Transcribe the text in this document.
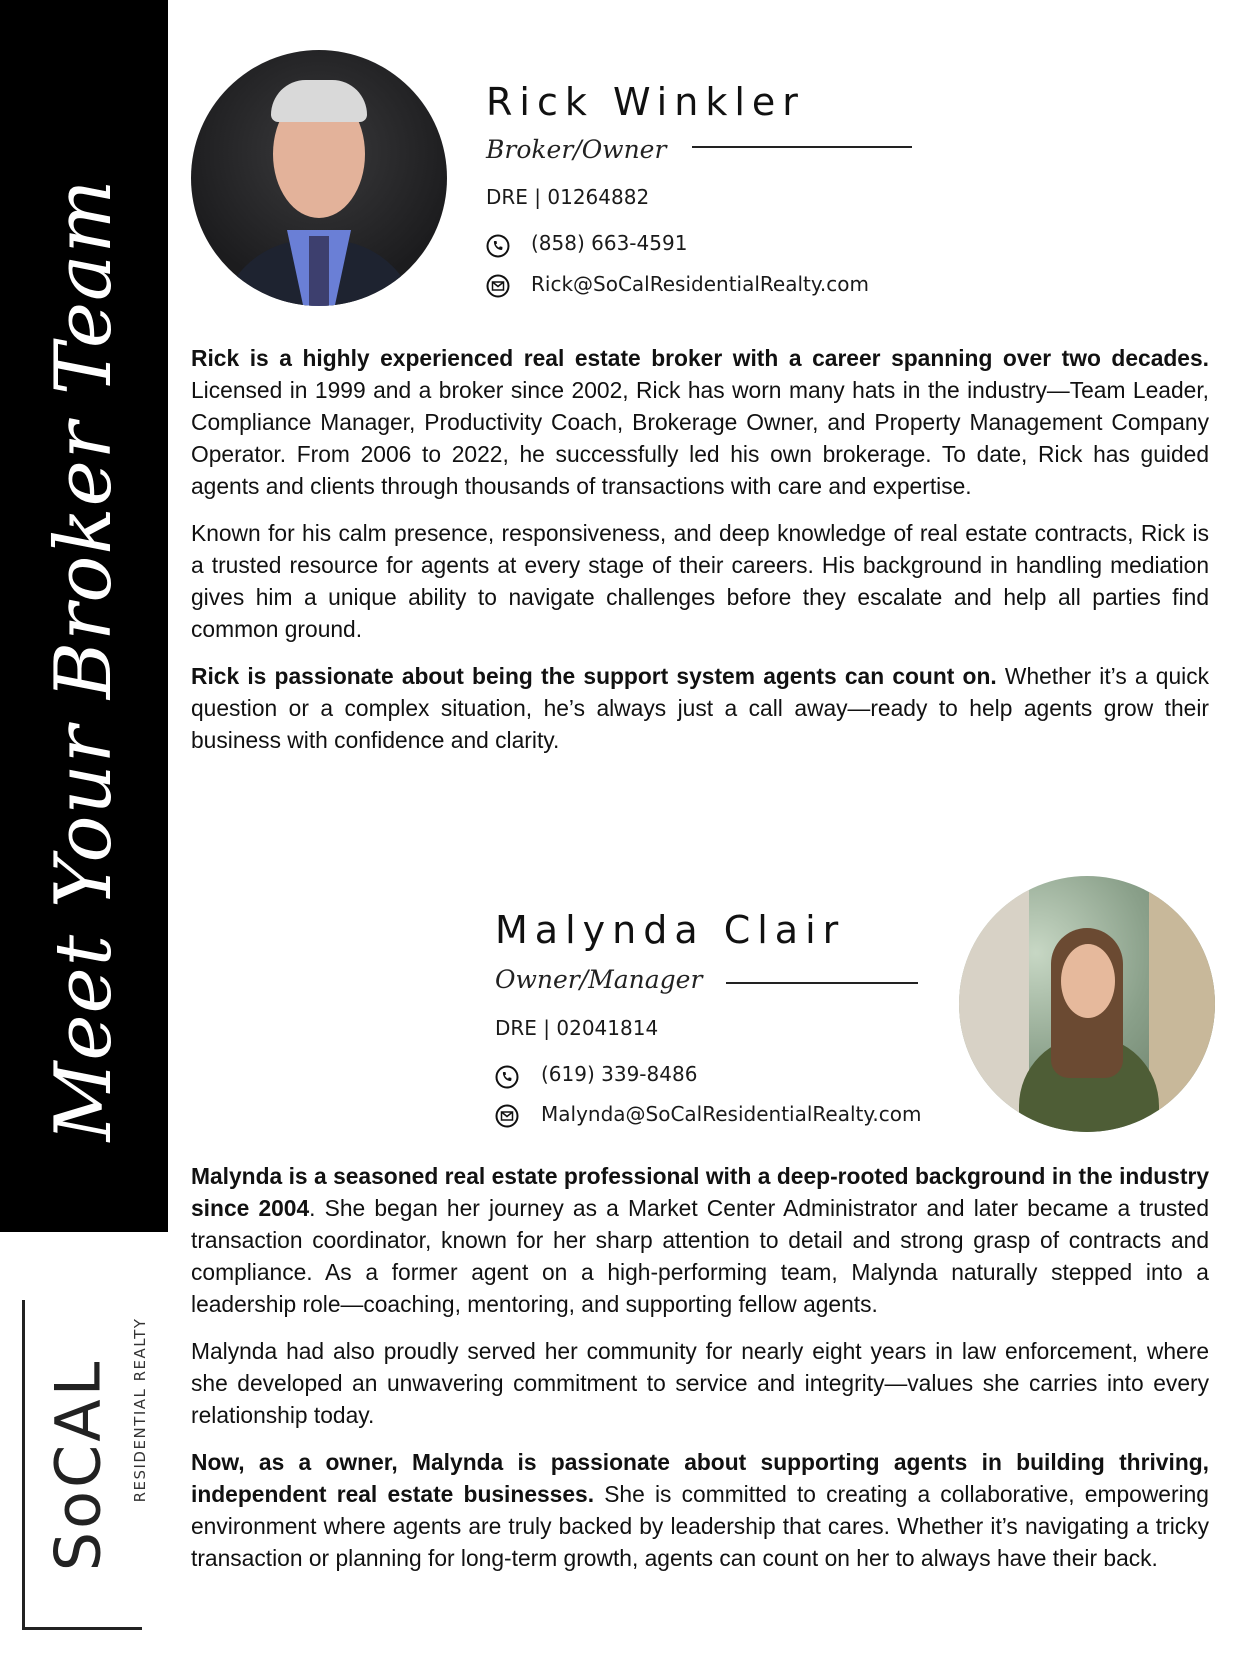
Meet Your Broker Team
SoCAL RESIDENTIAL REALTY
Rick Winkler
Broker/Owner
DRE | 01264882
(858) 663-4591
Rick@SoCalResidentialRealty.com

Rick is a highly experienced real estate broker with a career spanning over two decades. Licensed in 1999 and a broker since 2002, Rick has worn many hats in the industry—Team Leader, Compliance Manager, Productivity Coach, Brokerage Owner, and Property Management Company Operator. From 2006 to 2022, he successfully led his own brokerage. To date, Rick has guided agents and clients through thousands of transactions with care and expertise.

Known for his calm presence, responsiveness, and deep knowledge of real estate contracts, Rick is a trusted resource for agents at every stage of their careers. His background in handling mediation gives him a unique ability to navigate challenges before they escalate and help all parties find common ground.

Rick is passionate about being the support system agents can count on. Whether it’s a quick question or a complex situation, he’s always just a call away—ready to help agents grow their business with confidence and clarity.

Malynda Clair
Owner/Manager
DRE | 02041814
(619) 339-8486
Malynda@SoCalResidentialRealty.com

Malynda is a seasoned real estate professional with a deep-rooted background in the industry since 2004. She began her journey as a Market Center Administrator and later became a trusted transaction coordinator, known for her sharp attention to detail and strong grasp of contracts and compliance. As a former agent on a high-performing team, Malynda naturally stepped into a leadership role—coaching, mentoring, and supporting fellow agents.

Malynda had also proudly served her community for nearly eight years in law enforcement, where she developed an unwavering commitment to service and integrity—values she carries into every relationship today.

Now, as a owner, Malynda is passionate about supporting agents in building thriving, independent real estate businesses. She is committed to creating a collaborative, empowering environment where agents are truly backed by leadership that cares. Whether it’s navigating a tricky transaction or planning for long-term growth, agents can count on her to always have their back.
